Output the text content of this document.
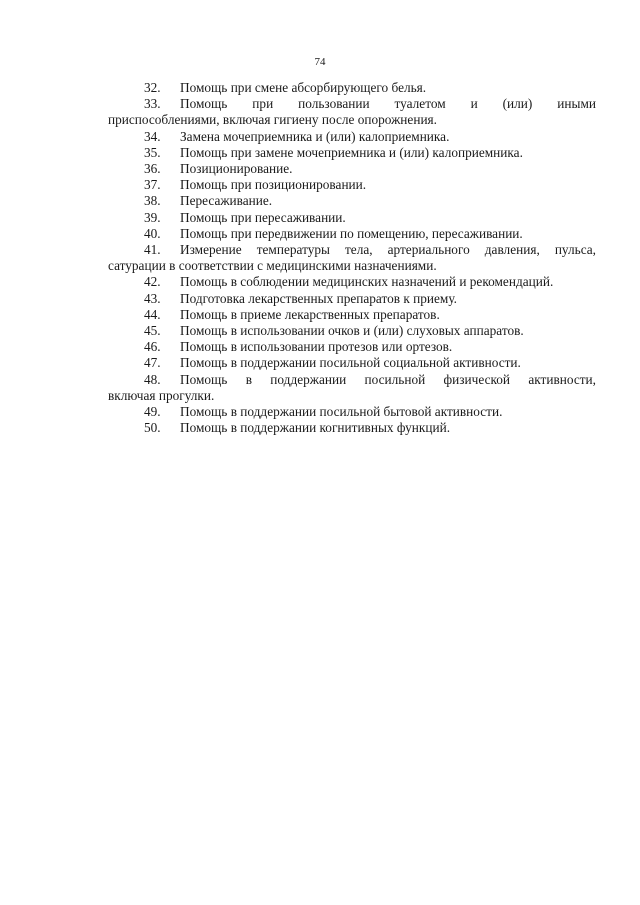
74

32. Помощь при смене абсорбирующего белья.

33. Помощь при пользовании туалетом и (или) иными
приспособлениями, включая гигиену после опорожнения.

34. Замена мочеприемника и (или) калоприемника.

35. Помощь при замене мочеприемника и (или) калоприемника.

36. Позиционирование.

37. Помощь при позиционировании.

38. Пересаживание.

39. Помощь при пересаживании.

40. Помощь при передвижении по помещению, пересаживании.

41. Измерение температуры тела, артериального давления, пульса,
сатурации в соответствии с медицинскими назначениями.

42. Помощь в соблюдении медицинских назначений и рекомендаций.

43. Подготовка лекарственных препаратов к приему.

44. Помощь в приеме лекарственных препаратов.

45. Помощь в использовании очков и (или) слуховых аппаратов.

46. Помощь в использовании протезов или ортезов.

47. Помощь в поддержании посильной социальной активности.

48. Помощь в поддержании посильной физической активности,
включая прогулки.

49. Помощь в поддержании посильной бытовой активности.

50. Помощь в поддержании когнитивных функций.
